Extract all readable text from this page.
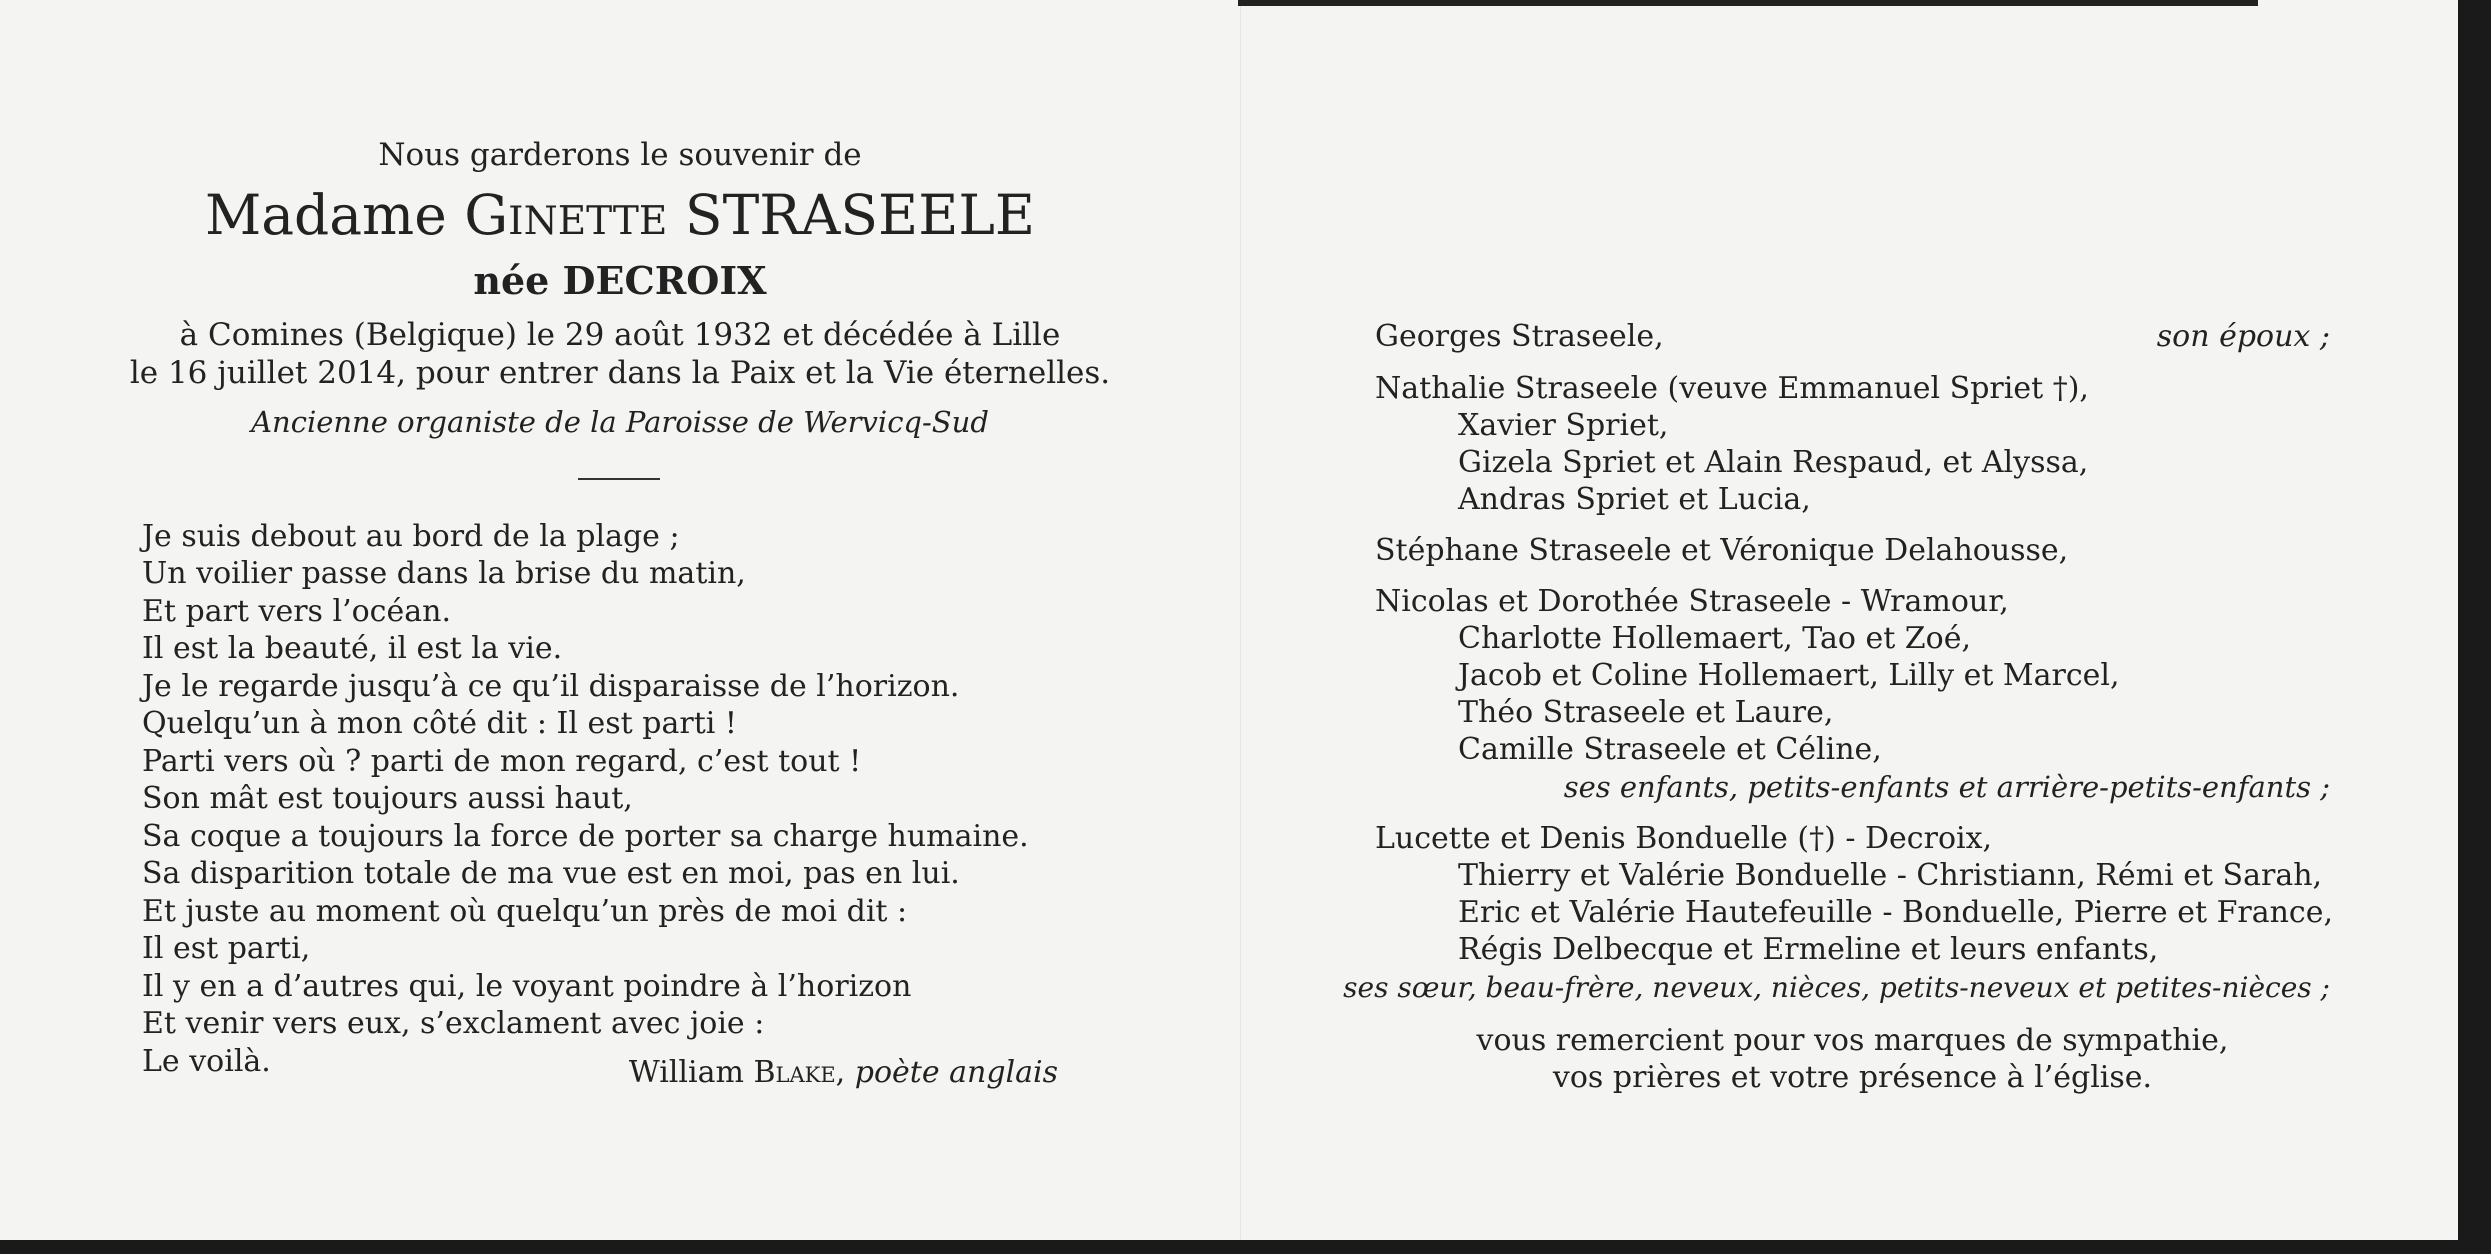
Nous garderons le souvenir de
Madame Ginette STRASEELE
née DECROIX
à Comines (Belgique) le 29 août 1932 et décédée à Lille
le 16 juillet 2014, pour entrer dans la Paix et la Vie éternelles.
Ancienne organiste de la Paroisse de Wervicq-Sud
Je suis debout au bord de la plage ;
Un voilier passe dans la brise du matin,
Et part vers l’océan.
Il est la beauté, il est la vie.
Je le regarde jusqu’à ce qu’il disparaisse de l’horizon.
Quelqu’un à mon côté dit : Il est parti !
Parti vers où ? parti de mon regard, c’est tout !
Son mât est toujours aussi haut,
Sa coque a toujours la force de porter sa charge humaine.
Sa disparition totale de ma vue est en moi, pas en lui.
Et juste au moment où quelqu’un près de moi dit :
Il est parti,
Il y en a d’autres qui, le voyant poindre à l’horizon
Et venir vers eux, s’exclament avec joie :
Le voilà.	William Blake, poète anglais
Georges Straseele,	son époux ;
Nathalie Straseele (veuve Emmanuel Spriet †),
Xavier Spriet,
Gizela Spriet et Alain Respaud, et Alyssa,
Andras Spriet et Lucia,
Stéphane Straseele et Véronique Delahousse,
Nicolas et Dorothée Straseele - Wramour,
Charlotte Hollemaert, Tao et Zoé,
Jacob et Coline Hollemaert, Lilly et Marcel,
Théo Straseele et Laure,
Camille Straseele et Céline,
ses enfants, petits-enfants et arrière-petits-enfants ;
Lucette et Denis Bonduelle (†) - Decroix,
Thierry et Valérie Bonduelle - Christiann, Rémi et Sarah,
Eric et Valérie Hautefeuille - Bonduelle, Pierre et France,
Régis Delbecque et Ermeline et leurs enfants,
ses sœur, beau-frère, neveux, nièces, petits-neveux et petites-nièces ;
vous remercient pour vos marques de sympathie,
vos prières et votre présence à l’église.
